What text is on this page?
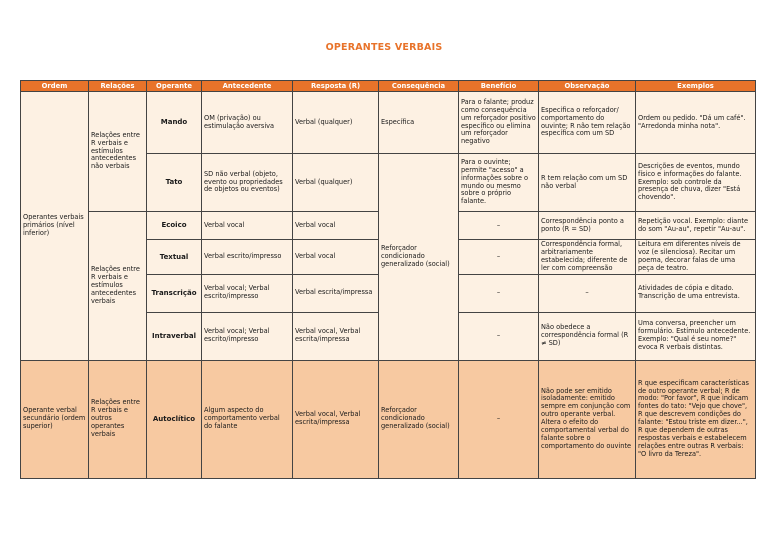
OPERANTES VERBAIS
Ordem	Relações	Operante	Antecedente	Resposta (R)	Consequência	Benefício	Observação	Exemplos
Operantes verbais primários (nível inferior)	Relações entre R verbais e estímulos antecedentes não verbais	Mando	OM (privação) ou estimulação aversiva	Verbal (qualquer)	Específica	Para o falante; produz como consequência um reforçador positivo específico ou elimina um reforçador negativo	Especifica o reforçador/ comportamento do ouvinte; R não tem relação específica com um SD	Ordem ou pedido. "Dá um café". "Arredonda minha nota".
		Tato	SD não verbal (objeto, evento ou propriedades de objetos ou eventos)	Verbal (qualquer)	Reforçador condicionado generalizado (social)	Para o ouvinte; permite "acesso" a informações sobre o mundo ou mesmo sobre o próprio falante.	R tem relação com um SD não verbal	Descrições de eventos, mundo físico e informações do falante. Exemplo: sob controle da presença de chuva, dizer "Está chovendo".
	Relações entre R verbais e estímulos antecedentes verbais	Ecoico	Verbal vocal	Verbal vocal		–	Correspondência ponto a ponto (R = SD)	Repetição vocal. Exemplo: diante do som "Au-au", repetir "Au-au".
		Textual	Verbal escrito/impresso	Verbal vocal		–	Correspondência formal, arbitrariamente estabelecida; diferente de ler com compreensão	Leitura em diferentes níveis de voz (e silenciosa). Recitar um poema, decorar falas de uma peça de teatro.
		Transcrição	Verbal vocal; Verbal escrito/impresso	Verbal escrita/impressa		–	–	Atividades de cópia e ditado. Transcrição de uma entrevista.
		Intraverbal	Verbal vocal; Verbal escrito/impresso	Verbal vocal, Verbal escrita/impressa		–	Não obedece a correspondência formal (R ≠ SD)	Uma conversa, preencher um formulário. Estímulo antecedente. Exemplo: "Qual é seu nome?" evoca R verbais distintas.
Operante verbal secundário (ordem superior)	Relações entre R verbais e outros operantes verbais	Autoclítico	Algum aspecto do comportamento verbal do falante	Verbal vocal, Verbal escrita/impressa	Reforçador condicionado generalizado (social)	–	Não pode ser emitido isoladamente: emitido sempre em conjunção com outro operante verbal. Altera o efeito do comportamental verbal do falante sobre o comportamento do ouvinte	R que especificam características de outro operante verbal; R de modo: "Por favor", R que indicam fontes do tato: "Vejo que chove", R que descrevem condições do falante: "Estou triste em dizer...", R que dependem de outras respostas verbais e estabelecem relações entre outras R verbais: "O livro da Tereza".
